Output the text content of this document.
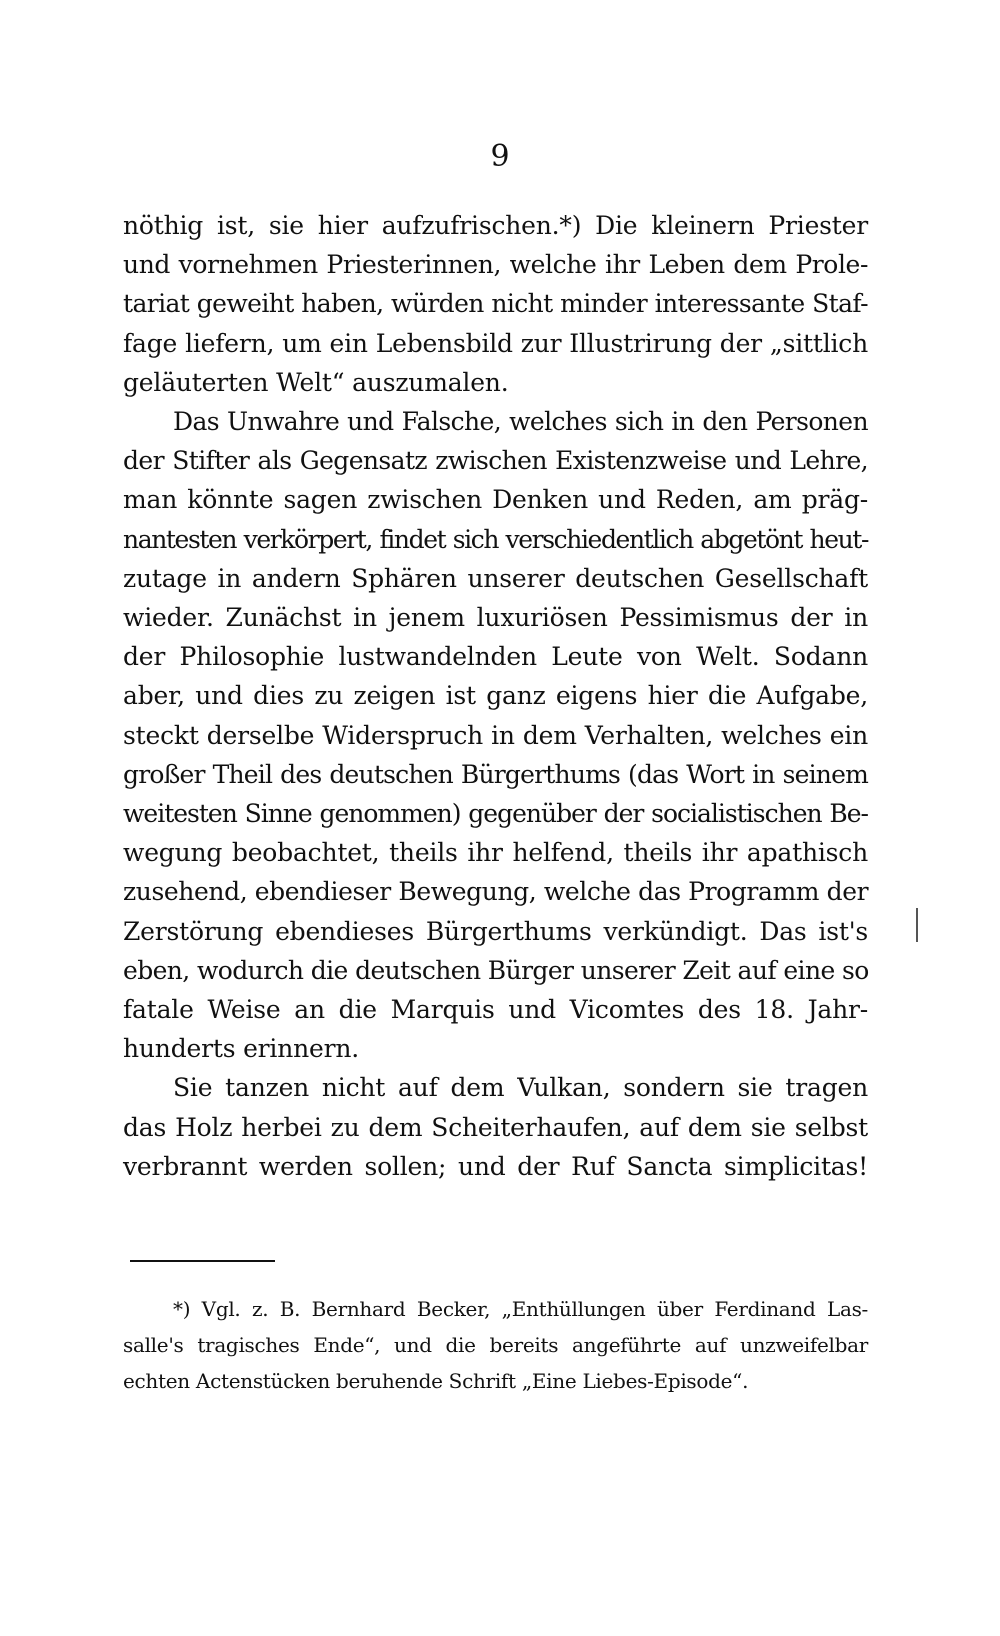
9
nöthig ist, sie hier aufzufrischen.*) Die kleinern Priester
und vornehmen Priesterinnen, welche ihr Leben dem Prole-
tariat geweiht haben, würden nicht minder interessante Staf-
fage liefern, um ein Lebensbild zur Illustrirung der „sittlich
geläuterten Welt“ auszumalen.
Das Unwahre und Falsche, welches sich in den Personen
der Stifter als Gegensatz zwischen Existenzweise und Lehre,
man könnte sagen zwischen Denken und Reden, am präg-
nantesten verkörpert, findet sich verschiedentlich abgetönt heut-
zutage in andern Sphären unserer deutschen Gesellschaft
wieder. Zunächst in jenem luxuriösen Pessimismus der in
der Philosophie lustwandelnden Leute von Welt. Sodann
aber, und dies zu zeigen ist ganz eigens hier die Aufgabe,
steckt derselbe Widerspruch in dem Verhalten, welches ein
großer Theil des deutschen Bürgerthums (das Wort in seinem
weitesten Sinne genommen) gegenüber der socialistischen Be-
wegung beobachtet, theils ihr helfend, theils ihr apathisch
zusehend, ebendieser Bewegung, welche das Programm der
Zerstörung ebendieses Bürgerthums verkündigt. Das ist's
eben, wodurch die deutschen Bürger unserer Zeit auf eine so
fatale Weise an die Marquis und Vicomtes des 18. Jahr-
hunderts erinnern.
Sie tanzen nicht auf dem Vulkan, sondern sie tragen
das Holz herbei zu dem Scheiterhaufen, auf dem sie selbst
verbrannt werden sollen; und der Ruf Sancta simplicitas!
*) Vgl. z. B. Bernhard Becker, „Enthüllungen über Ferdinand Las-
salle's tragisches Ende“, und die bereits angeführte auf unzweifelbar
echten Actenstücken beruhende Schrift „Eine Liebes-Episode“.
